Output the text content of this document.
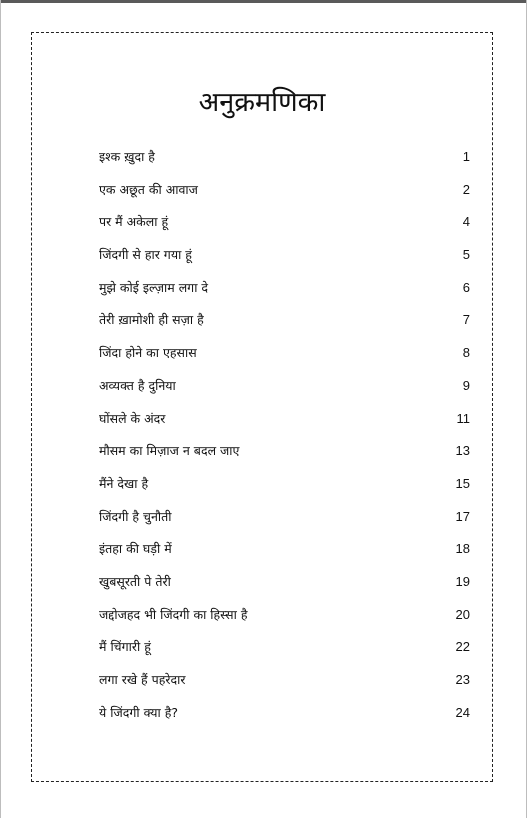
अनुक्रमणिका
इश्क ख़ुदा है	1
एक अछूत की आवाज	2
पर मैं अकेला हूं	4
जिंदगी से हार गया हूं	5
मुझे कोई इल्ज़ाम लगा दे	6
तेरी ख़ामोशी ही सज़ा है	7
जिंदा होने का एहसास	8
अव्यक्त है दुनिया	9
घोंसले के अंदर	11
मौसम का मिज़ाज न बदल जाए	13
मैंने देखा है	15
जिंदगी है चुनौती	17
इंतहा की घड़ी में	18
खुबसूरती पे तेरी	19
जद्दोजहद भी जिंदगी का हिस्सा है	20
मैं चिंगारी हूं	22
लगा रखे हैं पहरेदार	23
ये जिंदगी क्या है?	24
